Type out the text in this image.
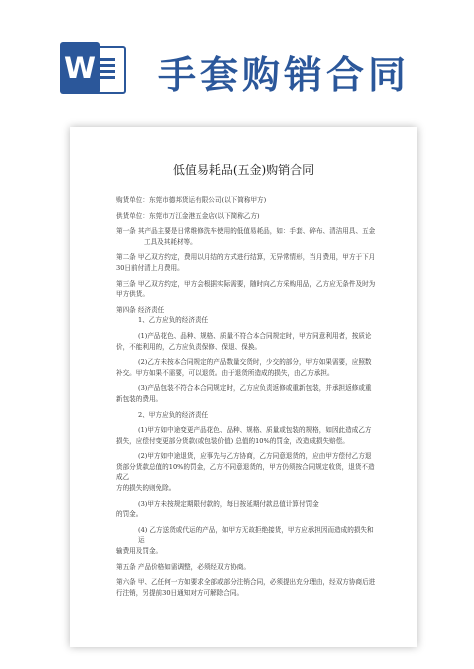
W 手套购销合同
低值易耗品(五金)购销合同

购货单位：东莞市德邦货运有限公司(以下简称甲方)

供货单位：东莞市万江金港五金店(以下简称乙方)

第一条 其产品主要是日常维修洗车使用的低值易耗品，如：手套、碎布、清洁用具、五金

工具及其耗材等。

第二条 甲乙双方约定，费用以月结的方式进行结算，无异常情形，当月费用，甲方于下月

30日前付清上月费用。

第三条 甲乙双方约定，甲方会根据实际需要，随时向乙方采购用品，乙方应无条件及时为

甲方供货。

第四条 经济责任

1、乙方应负的经济责任

(1)产品花色、品种、规格、质量不符合本合同规定时，甲方同意利用者，按质论

价，不能利用的，乙方应负责保修、保退、保换。

(2)乙方未按本合同规定的产品数量交货时，少交的部分，甲方如果需要，应照数

补交。甲方如果不需要，可以退货。由于退货所造成的损失，由乙方承担。

(3)产品包装不符合本合同规定时，乙方应负责返修或重新包装，并承担返修或重

新包装的费用。

2、甲方应负的经济责任

(1)甲方如中途变更产品花色、品种、规格、质量或包装的规格，如因此造成乙方

损失，应偿付变更部分货款(或包装价值) 总值的10%的罚金，改造成损失赔偿。

(2)甲方如中途退货，应事先与乙方协商，乙方同意退货的，应由甲方偿付乙方退

货部分货款总值的10%的罚金，乙方不同意退货的，甲方仍须按合同规定收货，退货不造成乙

方的损失的则免除。

(3)甲方未按规定期限付款的，每日按延期付款总值计算付罚金

的罚金。

(4) 乙方送货或代运的产品，如甲方无故拒绝接货，甲方应承担因而造成的损失和运

输费用及罚金。

第五条 产品价格如需调整，必须经双方协商。

第六条 甲、乙任何一方如要求全部或部分注销合同，必须提出充分理由，经双方协商后进

行注销，另提前30日通知对方可解除合同。
